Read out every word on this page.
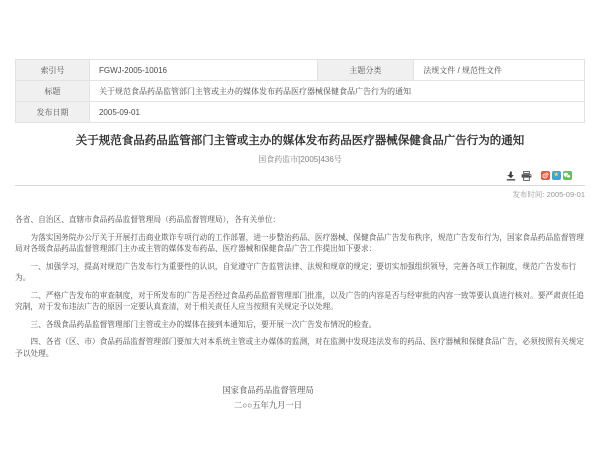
索引号	FGWJ-2005-10016	主题分类	法规文件 / 规范性文件
标题	关于规范食品药品监管部门主管或主办的媒体发布药品医疗器械保健食品广告行为的通知		
发布日期	2005-09-01		
关于规范食品药品监管部门主管或主办的媒体发布药品医疗器械保健食品广告行为的通知
国食药监市[2005]436号
★
发布时间: 2005-09-01

各省、自治区、直辖市食品药品监督管理局（药品监督管理局），各有关单位：

为落实国务院办公厅关于开展打击商业欺诈专项行动的工作部署，进一步整治药品、医疗器械、保健食品广告发布秩序，规范广告发布行为，国家食品药品监督管理局对各级食品药品监督管理部门主办或主管的媒体发布药品、医疗器械和保健食品广告工作提出如下要求：

一、加强学习，提高对规范广告发布行为重要性的认识，自觉遵守广告监管法律、法规和规章的规定；要切实加强组织领导，完善各项工作制度，规范广告发布行为。

二、严格广告发布的审查制度，对于所发布的广告是否经过食品药品监督管理部门批准，以及广告的内容是否与经审批的内容一致等要认真进行核对。要严肃责任追究制，对于发布违法广告的原因一定要认真查清，对于相关责任人应当按照有关规定予以处理。

三、各级食品药品监督管理部门主管或主办的媒体在接到本通知后，要开展一次广告发布情况的检查。

四、各省（区、市）食品药品监督管理部门要加大对本系统主管或主办媒体的监测，对在监测中发现违法发布的药品、医疗器械和保健食品广告，必须按照有关规定予以处理。

国家食品药品监督管理局
二○○五年九月一日
